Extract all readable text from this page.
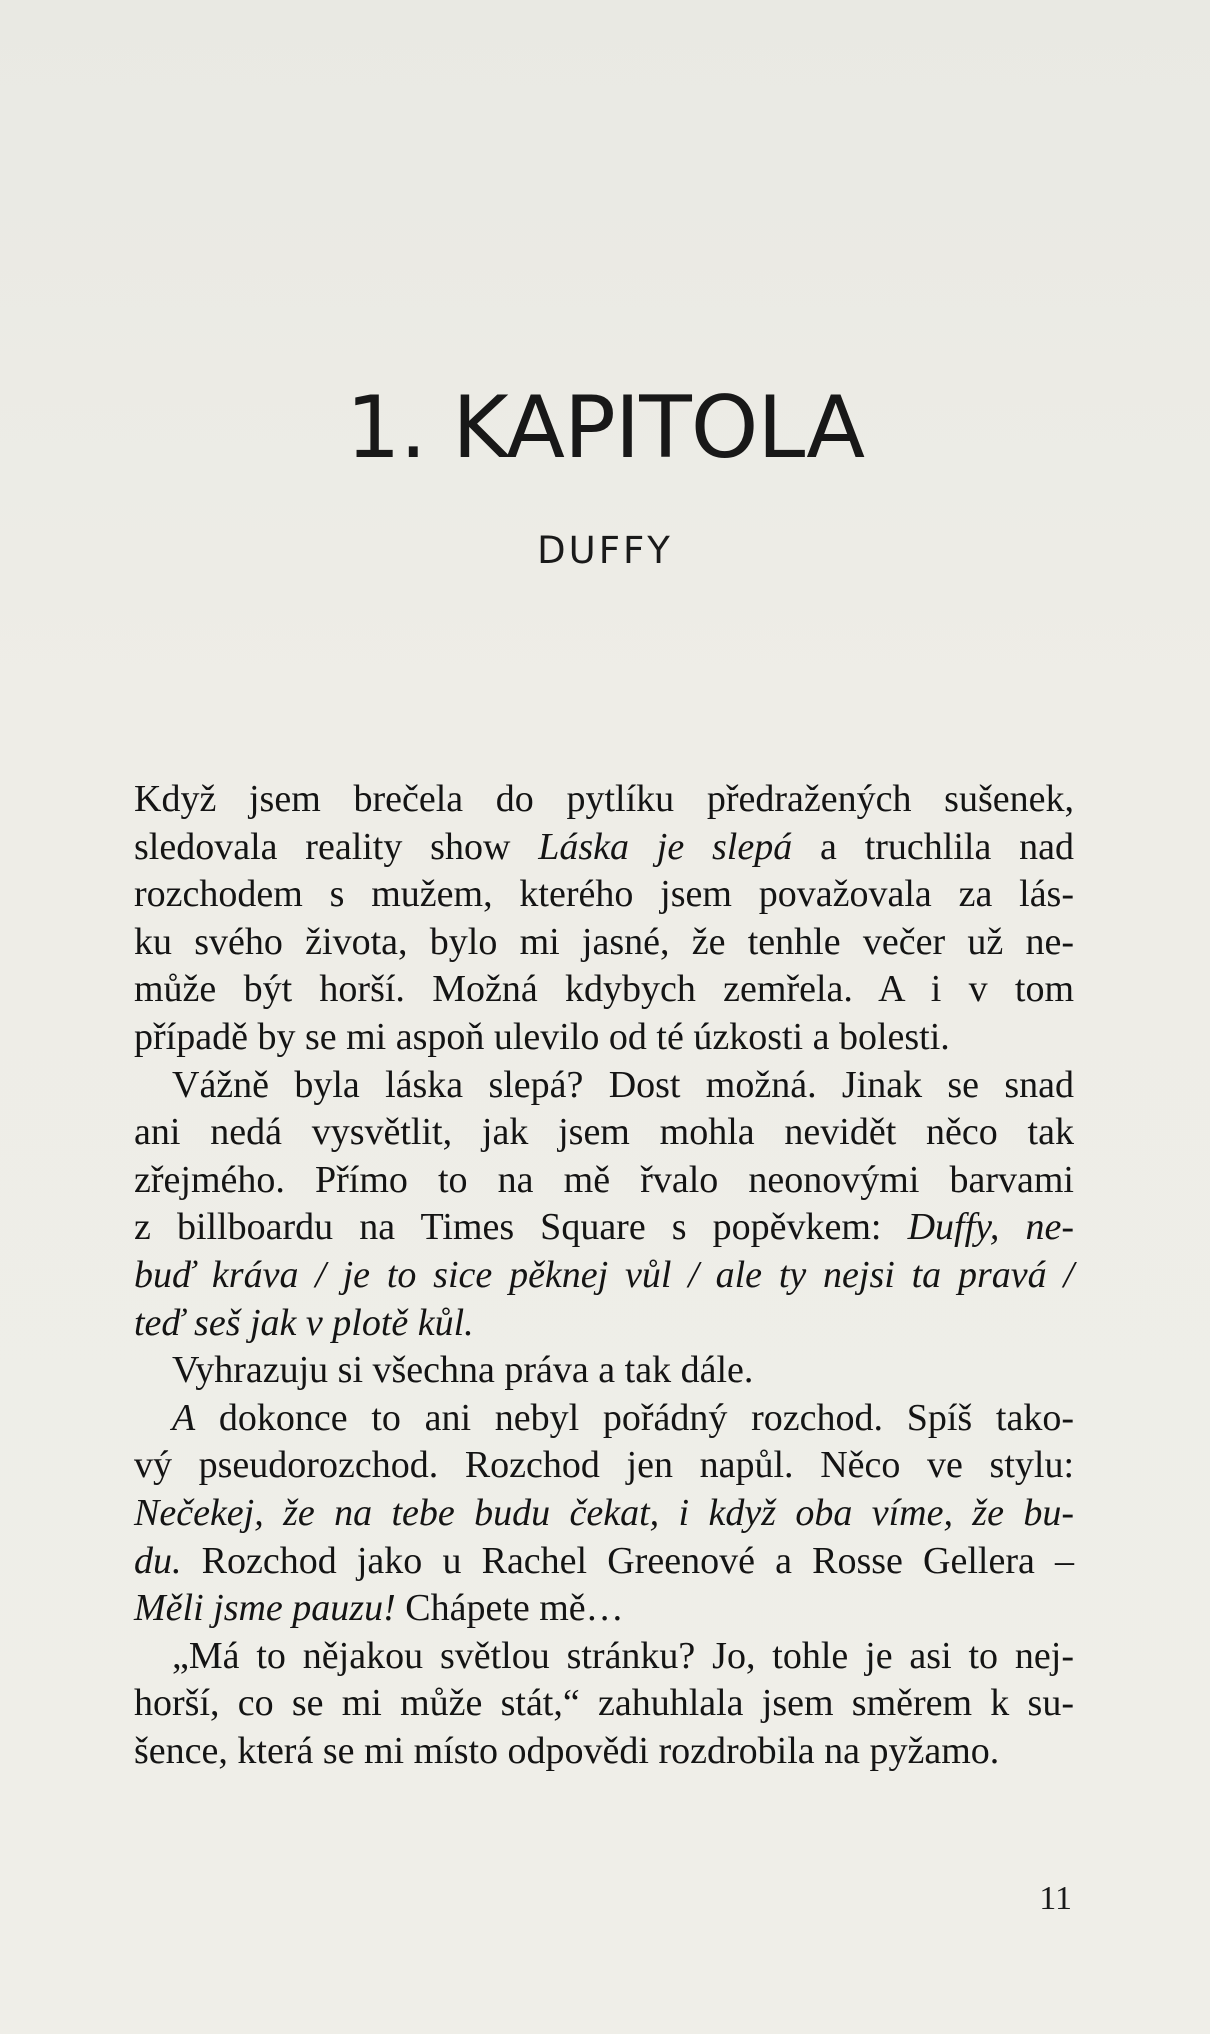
1. KAPITOLA
DUFFY
Když jsem brečela do pytlíku předražených sušenek,
sledovala reality show Láska je slepá a truchlila nad
rozchodem s mužem, kterého jsem považovala za lás-
ku svého života, bylo mi jasné, že tenhle večer už ne-
může být horší. Možná kdybych zemřela. A i v tom
případě by se mi aspoň ulevilo od té úzkosti a bolesti.
Vážně byla láska slepá? Dost možná. Jinak se snad
ani nedá vysvětlit, jak jsem mohla nevidět něco tak
zřejmého. Přímo to na mě řvalo neonovými barvami
z billboardu na Times Square s popěvkem: Duffy, ne-
buď kráva / je to sice pěknej vůl / ale ty nejsi ta pravá /
teď seš jak v plotě kůl.
Vyhrazuju si všechna práva a tak dále.
A dokonce to ani nebyl pořádný rozchod. Spíš tako-
vý pseudorozchod. Rozchod jen napůl. Něco ve stylu:
Nečekej, že na tebe budu čekat, i když oba víme, že bu-
du. Rozchod jako u Rachel Greenové a Rosse Gellera –
Měli jsme pauzu! Chápete mě…
„Má to nějakou světlou stránku? Jo, tohle je asi to nej-
horší, co se mi může stát,“ zahuhlala jsem směrem k su-
šence, která se mi místo odpovědi rozdrobila na pyžamo.
11
